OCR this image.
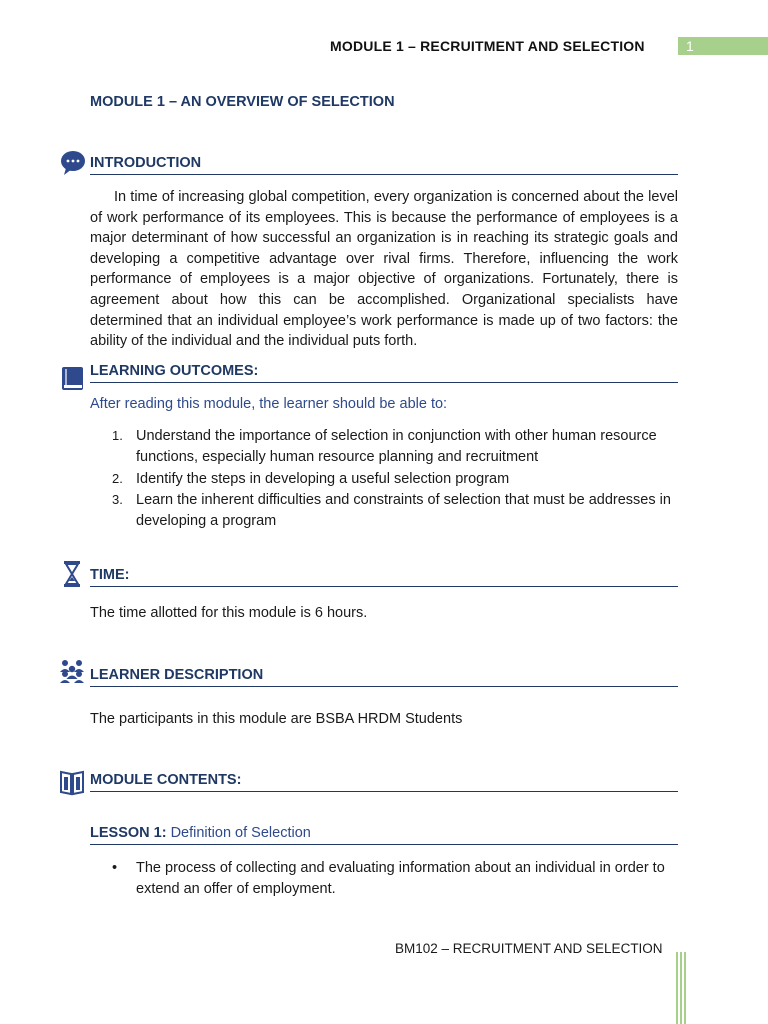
MODULE 1 – RECRUITMENT AND SELECTION	1
MODULE 1 – AN OVERVIEW OF SELECTION
INTRODUCTION

In time of increasing global competition, every organization is concerned about the level of work performance of its employees. This is because the performance of employees is a major determinant of how successful an organization is in reaching its strategic goals and developing a competitive advantage over rival firms. Therefore, influencing the work performance of employees is a major objective of organizations. Fortunately, there is agreement about how this can be accomplished. Organizational specialists have determined that an individual employee’s work performance is made up of two factors: the ability of the individual and the individual puts forth.

LEARNING OUTCOMES:
After reading this module, the learner should be able to:
1. Understand the importance of selection in conjunction with other human resource functions, especially human resource planning and recruitment
2. Identify the steps in developing a useful selection program
3. Learn the inherent difficulties and constraints of selection that must be addresses in developing a program
TIME:
The time allotted for this module is 6 hours.
LEARNER DESCRIPTION
The participants in this module are BSBA HRDM Students
MODULE CONTENTS:
LESSON 1: Definition of Selection
• The process of collecting and evaluating information about an individual in order to extend an offer of employment.
BM102 – RECRUITMENT AND SELECTION
